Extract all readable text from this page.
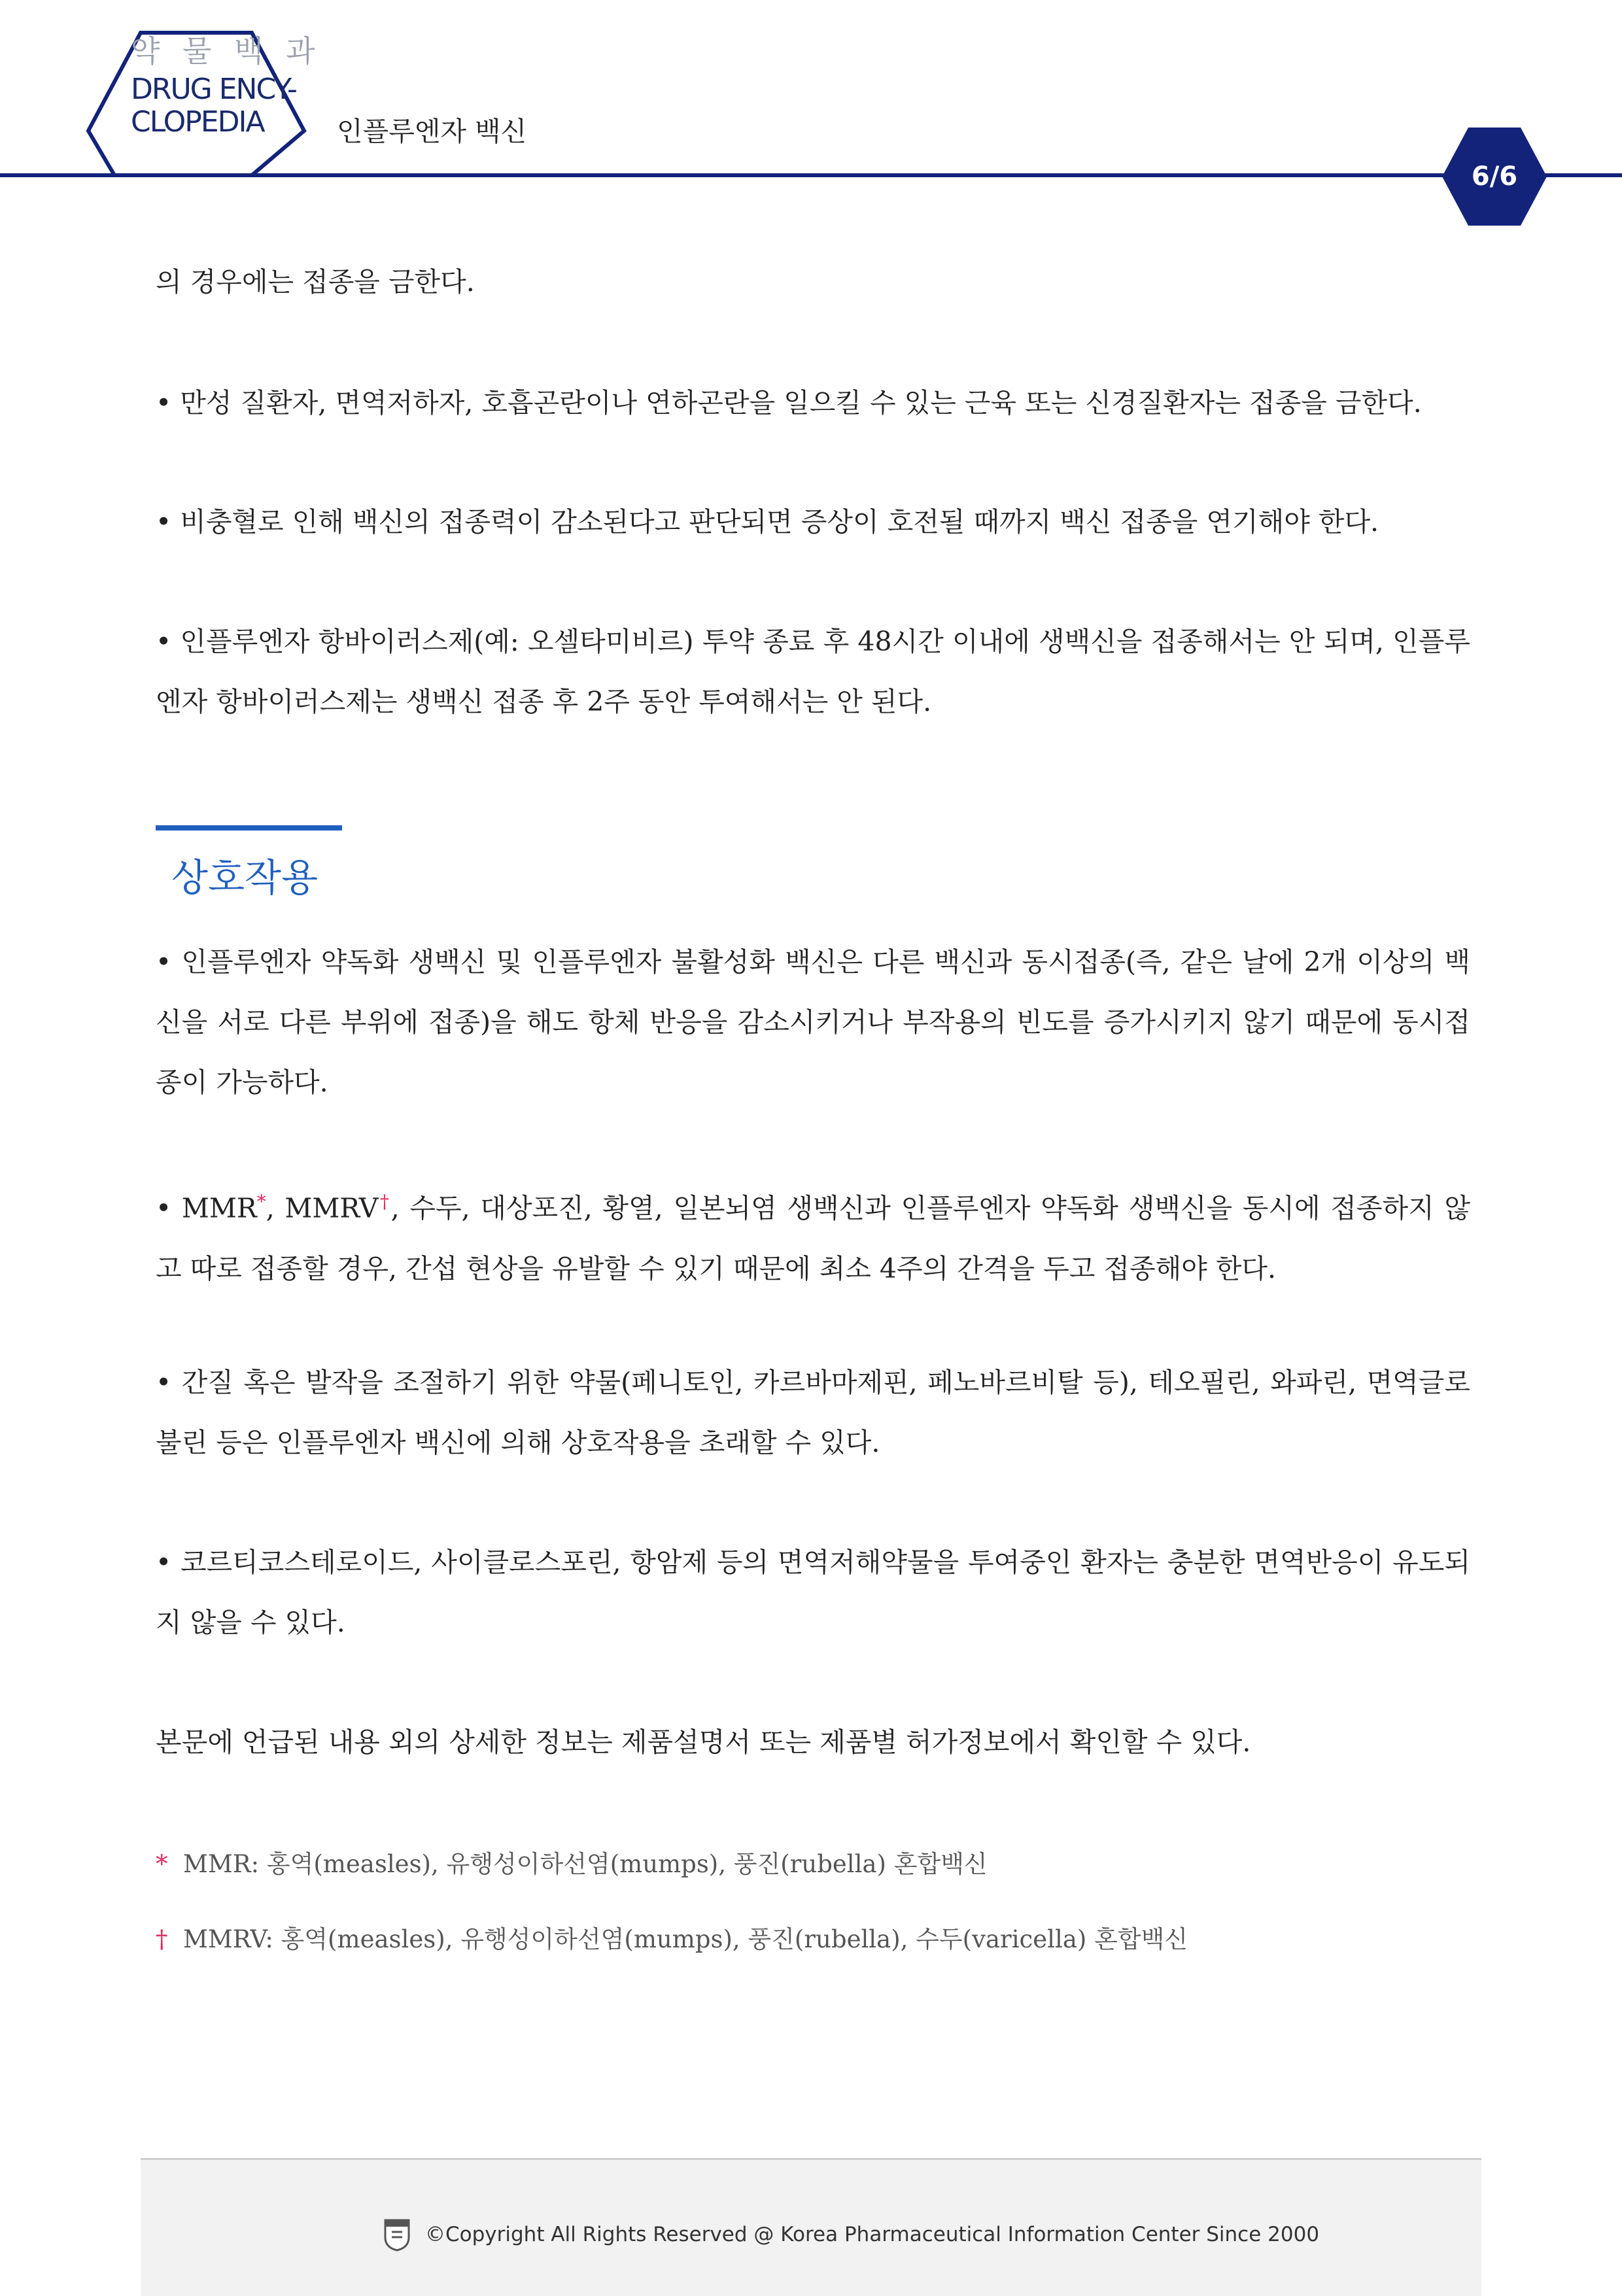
약 물 백 과
DRUG ENCY-
CLOPEDIA	인플루엔자 백신
6/6
의 경우에는 접종을 금한다.
• 만성 질환자, 면역저하자, 호흡곤란이나 연하곤란을 일으킬 수 있는 근육 또는 신경질환자는 접종을 금한다.
• 비충혈로 인해 백신의 접종력이 감소된다고 판단되면 증상이 호전될 때까지 백신 접종을 연기해야 한다.
• 인플루엔자 항바이러스제(예: 오셀타미비르) 투약 종료 후 48시간 이내에 생백신을 접종해서는 안 되며, 인플루엔자 항바이러스제는 생백신 접종 후 2주 동안 투여해서는 안 된다.
상호작용
• 인플루엔자 약독화 생백신 및 인플루엔자 불활성화 백신은 다른 백신과 동시접종(즉, 같은 날에 2개 이상의 백신을 서로 다른 부위에 접종)을 해도 항체 반응을 감소시키거나 부작용의 빈도를 증가시키지 않기 때문에 동시접종이 가능하다.
• MMR*, MMRV†, 수두, 대상포진, 황열, 일본뇌염 생백신과 인플루엔자 약독화 생백신을 동시에 접종하지 않고 따로 접종할 경우, 간섭 현상을 유발할 수 있기 때문에 최소 4주의 간격을 두고 접종해야 한다.
• 간질 혹은 발작을 조절하기 위한 약물(페니토인, 카르바마제핀, 페노바르비탈 등), 테오필린, 와파린, 면역글로불린 등은 인플루엔자 백신에 의해 상호작용을 초래할 수 있다.
• 코르티코스테로이드, 사이클로스포린, 항암제 등의 면역저해약물을 투여중인 환자는 충분한 면역반응이 유도되지 않을 수 있다.
본문에 언급된 내용 외의 상세한 정보는 제품설명서 또는 제품별 허가정보에서 확인할 수 있다.
* MMR: 홍역(measles), 유행성이하선염(mumps), 풍진(rubella) 혼합백신
† MMRV: 홍역(measles), 유행성이하선염(mumps), 풍진(rubella), 수두(varicella) 혼합백신
©Copyright All Rights Reserved @ Korea Pharmaceutical Information Center Since 2000
